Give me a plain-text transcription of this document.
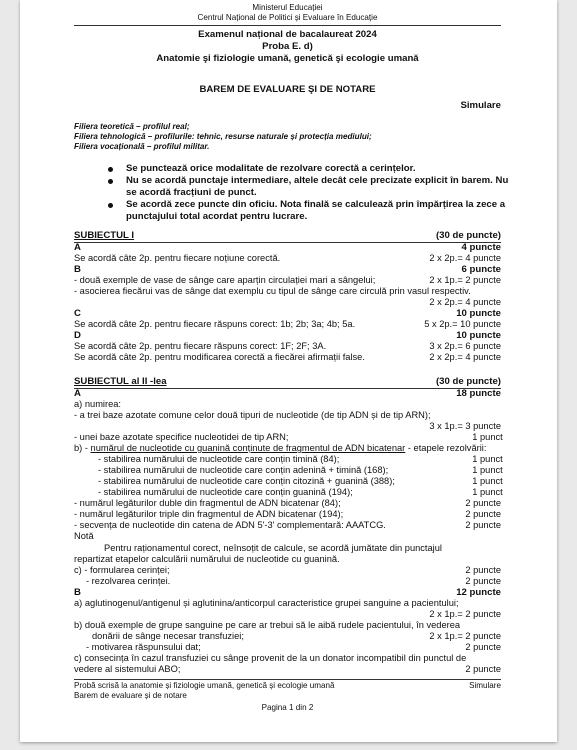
Ministerul Educației
Centrul Național de Politici și Evaluare în Educație
Examenul național de bacalaureat 2024
Proba E. d)
Anatomie şi fiziologie umană, genetică şi ecologie umană
BAREM DE EVALUARE ŞI DE NOTARE
Simulare
Filiera teoretică – profilul real;
Filiera tehnologică – profilurile: tehnic, resurse naturale și protecția mediului;
Filiera vocațională – profilul militar.
Se punctează orice modalitate de rezolvare corectă a cerințelor.
Nu se acordă punctaje intermediare, altele decât cele precizate explicit în barem. Nu
se acordă fracțiuni de punct.
Se acordă zece puncte din oficiu. Nota finală se calculează prin împărțirea la zece a
punctajului total acordat pentru lucrare.
SUBIECTUL I	(30 de puncte)
A	4 puncte
Se acordă câte 2p. pentru fiecare noțiune corectă.	2 x 2p.= 4 puncte
B	6 puncte
- două exemple de vase de sânge care aparțin circulației mari a sângelui;	2 x 1p.= 2 puncte
- asocierea fiecărui vas de sânge dat exemplu cu tipul de sânge care circulă prin vasul respectiv.
2 x 2p.= 4 puncte
C	10 puncte
Se acordă câte 2p. pentru fiecare răspuns corect: 1b; 2b; 3a; 4b; 5a.	5 x 2p.= 10 puncte
D	10 puncte
Se acordă câte 2p. pentru fiecare răspuns corect: 1F; 2F; 3A.	3 x 2p.= 6 puncte
Se acordă câte 2p. pentru modificarea corectă a fiecărei afirmații false.	2 x 2p.= 4 puncte
SUBIECTUL al II -lea	(30 de puncte)
A	18 puncte
a) numirea:
- a trei baze azotate comune celor două tipuri de nucleotide (de tip ADN și de tip ARN);
3 x 1p.= 3 puncte
- unei baze azotate specifice nucleotidei de tip ARN;	1 punct
b) - numărul de nucleotide cu guanină conținute de fragmentul de ADN bicatenar - etapele rezolvării:
- stabilirea numărului de nucleotide care conțin timină (84);	1 punct
- stabilirea numărului de nucleotide care conțin adenină + timină (168);	1 punct
- stabilirea numărului de nucleotide care conțin citozină + guanină (388);	1 punct
- stabilirea numărului de nucleotide care conțin guanină (194);	1 punct
- numărul legăturilor duble din fragmentul de ADN bicatenar (84);	2 puncte
- numărul legăturilor triple din fragmentul de ADN bicatenar (194);	2 puncte
- secvența de nucleotide din catena de ADN 5'-3' complementară: AAATCG.	2 puncte
Notă
Pentru raționamentul corect, neînsoțit de calcule, se acordă jumătate din punctajul
repartizat etapelor calculării numărului de nucleotide cu guanină.
c) - formularea cerinței;	2 puncte
- rezolvarea cerinței.	2 puncte
B	12 puncte
a) aglutinogenul/antigenul și aglutinina/anticorpul caracteristice grupei sanguine a pacientului;
2 x 1p.= 2 puncte
b) două exemple de grupe sanguine pe care ar trebui să le aibă rudele pacientului, în vederea
donării de sânge necesar transfuziei;	2 x 1p.= 2 puncte
- motivarea răspunsului dat;	2 puncte
c) consecința în cazul transfuziei cu sânge provenit de la un donator incompatibil din punctul de
vedere al sistemului ABO;	2 puncte
Probă scrisă la anatomie și fiziologie umană, genetică și ecologie umană	Simulare
Barem de evaluare și de notare
Pagina 1 din 2
